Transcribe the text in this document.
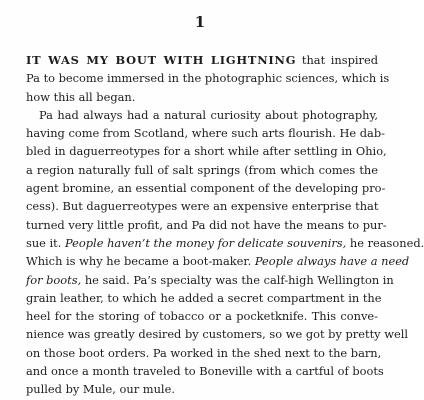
1
IT WAS MY BOUT WITH LIGHTNING that inspired
Pa to become immersed in the photographic sciences, which is
how this all began.
Pa had always had a natural curiosity about photography,
having come from Scotland, where such arts flourish. He dab-
bled in daguerreotypes for a short while after settling in Ohio,
a region naturally full of salt springs (from which comes the
agent bromine, an essential component of the developing pro-
cess). But daguerreotypes were an expensive enterprise that
turned very little profit, and Pa did not have the means to pur-
sue it. People haven’t the money for delicate souvenirs, he reasoned.
Which is why he became a boot-maker. People always have a need
for boots, he said. Pa’s specialty was the calf-high Wellington in
grain leather, to which he added a secret compartment in the
heel for the storing of tobacco or a pocketknife. This conve-
nience was greatly desired by customers, so we got by pretty well
on those boot orders. Pa worked in the shed next to the barn,
and once a month traveled to Boneville with a cartful of boots
pulled by Mule, our mule.
